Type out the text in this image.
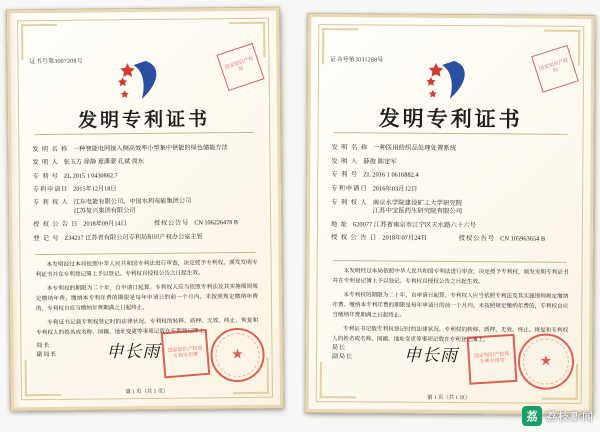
证书号第3007208号	国家知识产权局
发明专利证书
发 明 名 称 一种智能电网接入侧高效率小型集中供能的绿色储能方法
发 明 人 张玉方 徐静 夏潇蒙 孔斌 周东
专 利 号 ZL 2015 1 0430882.7
专利申请日 2015年12月18日
专 利 权 人 江东电能有限公司、中国水利电能集团公司
江苏复兴集团有限公司
授 权 公 告 日 2018年09月14日	授权公告号 CN 106226478 B
登 记 号 Z34217 江苏省有限公司专利局知识产权办公室主管

本发明经过本局依照中华人民共和国专利法进行审查，决定授予专利权，颁发发明专利证书并在专利登记簿上予以登记。专利权自授权公告之日起生效。

本专利权的期限为二十年，自申请日起算。专利权人应当依照专利法及其实施细则规定缴纳年费。缴纳本专利年费的期限是每年申请日的前一个月内。未按照规定缴纳年费的，专利权自应当缴纳年费期满之日起终止。

专利证书记载专利权登记时的法律状况。专利权的转移、质押、无效、终止、恢复和专利权人的姓名或名称、国籍、地址变更等事项记载在专利登记簿上。

局长
副局长	申长雨	国家知识产权局专利专用章	★
第 1 页（共 1 页）
证书号第3031288号	国家知识产权局
发明专利证书
发 明 名 称 一种医用纺织品处理处置系统
发 明 人 薛俊 陈定军
专 利 号 ZL 2016 1 0616882.4
专利申请日 2016年03月12日
专 利 权 人 南京水学院建设矿工大学研究院
江苏中宝医药生研究院有限公司
地 址 620077 江苏省南京市江宁区天水路六十六号
授 权 公 告 日 2018年07月24日	授权公告号 CN 105963654 B

本发明经过本局依照中华人民共和国专利法进行审查，决定授予专利权，颁发发明专利证书并在专利登记簿上予以登记。专利权自授权公告之日起生效。

本专利权的期限为二十年，自申请日起算。专利权人应当依照专利法及其实施细则规定缴纳年费。缴纳本专利年费的期限是每年申请日的前一个月内。未按照规定缴纳年费的，专利权自应当缴纳年费期满之日起终止。

专利证书记载专利权登记时的法律状况。专利权的转移、质押、无效、终止、恢复和专利权人的姓名或名称、国籍、地址变更等事项记载在专利登记簿上。

局长
副局长	申长雨	国家知识产权局专利专用章	★
第 1 页（共 1 页）
荔 荔枝新闻
